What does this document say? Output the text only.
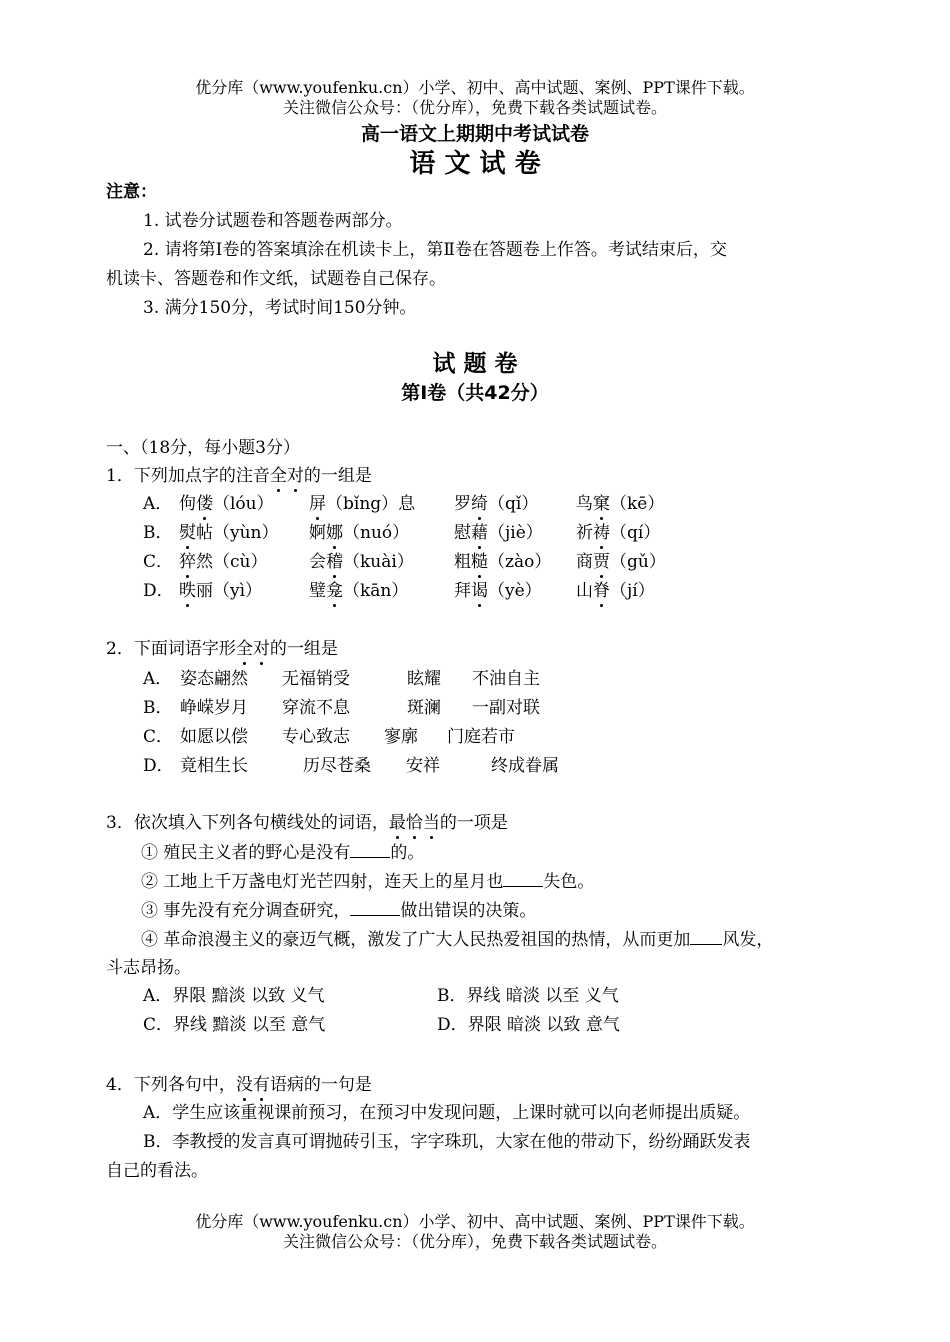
优分库（www.youfenku.cn）小学、初中、高中试题、案例、PPT课件下载。
关注微信公众号：（优分库），免费下载各类试题试卷。
高一语文上期期中考试试卷
语 文 试 卷
注意：
1. 试卷分试题卷和答题卷两部分。
2. 请将第Ⅰ卷的答案填涂在机读卡上，第Ⅱ卷在答题卷上作答。考试结束后，交
机读卡、答题卷和作文纸，试题卷自己保存。
3. 满分150分，考试时间150分钟。
试 题 卷
第Ⅰ卷（共42分）
一、（18分，每小题3分）
1．下列加点字的注音全对的一组是
A． 佝偻（lóu） 屏（bǐng）息 罗绮（qǐ） 鸟窠（kē）
B． 熨帖（yùn） 婀娜（nuó）	慰藉（jiè） 祈祷（qí）
C． 猝然（cù） 会稽（kuài） 粗糙（zào） 商贾（gǔ）
D． 昳丽（yì）	璧龛（kān）	拜谒（yè） 山脊（jí）
2．下面词语字形全对的一组是
A． 姿态翩然 无福销受	眩耀 不油自主
B． 峥嵘岁月 穿流不息	斑澜 一副对联
C． 如愿以偿 专心致志 寥廓 门庭若市
D． 竟相生长	历尽苍桑 安祥	终成眷属
3．依次填入下列各句横线处的词语，最恰当的一项是
① 殖民主义者的野心是没有 的。
② 工地上千万盏电灯光芒四射，连天上的星月也 失色。
③ 事先没有充分调查研究，	做出错误的决策。
④ 革命浪漫主义的豪迈气概，激发了广大人民热爱祖国的热情，从而更加 风发，
斗志昂扬。
A．界限 黯淡 以致 义气	B．界线 暗淡 以至 义气
C．界线 黯淡 以至 意气	D．界限 暗淡 以致 意气
4．下列各句中，没有语病的一句是
A．学生应该重视课前预习，在预习中发现问题，上课时就可以向老师提出质疑。
B．李教授的发言真可谓抛砖引玉，字字珠玑，大家在他的带动下，纷纷踊跃发表
自己的看法。
优分库（www.youfenku.cn）小学、初中、高中试题、案例、PPT课件下载。
关注微信公众号：（优分库），免费下载各类试题试卷。
